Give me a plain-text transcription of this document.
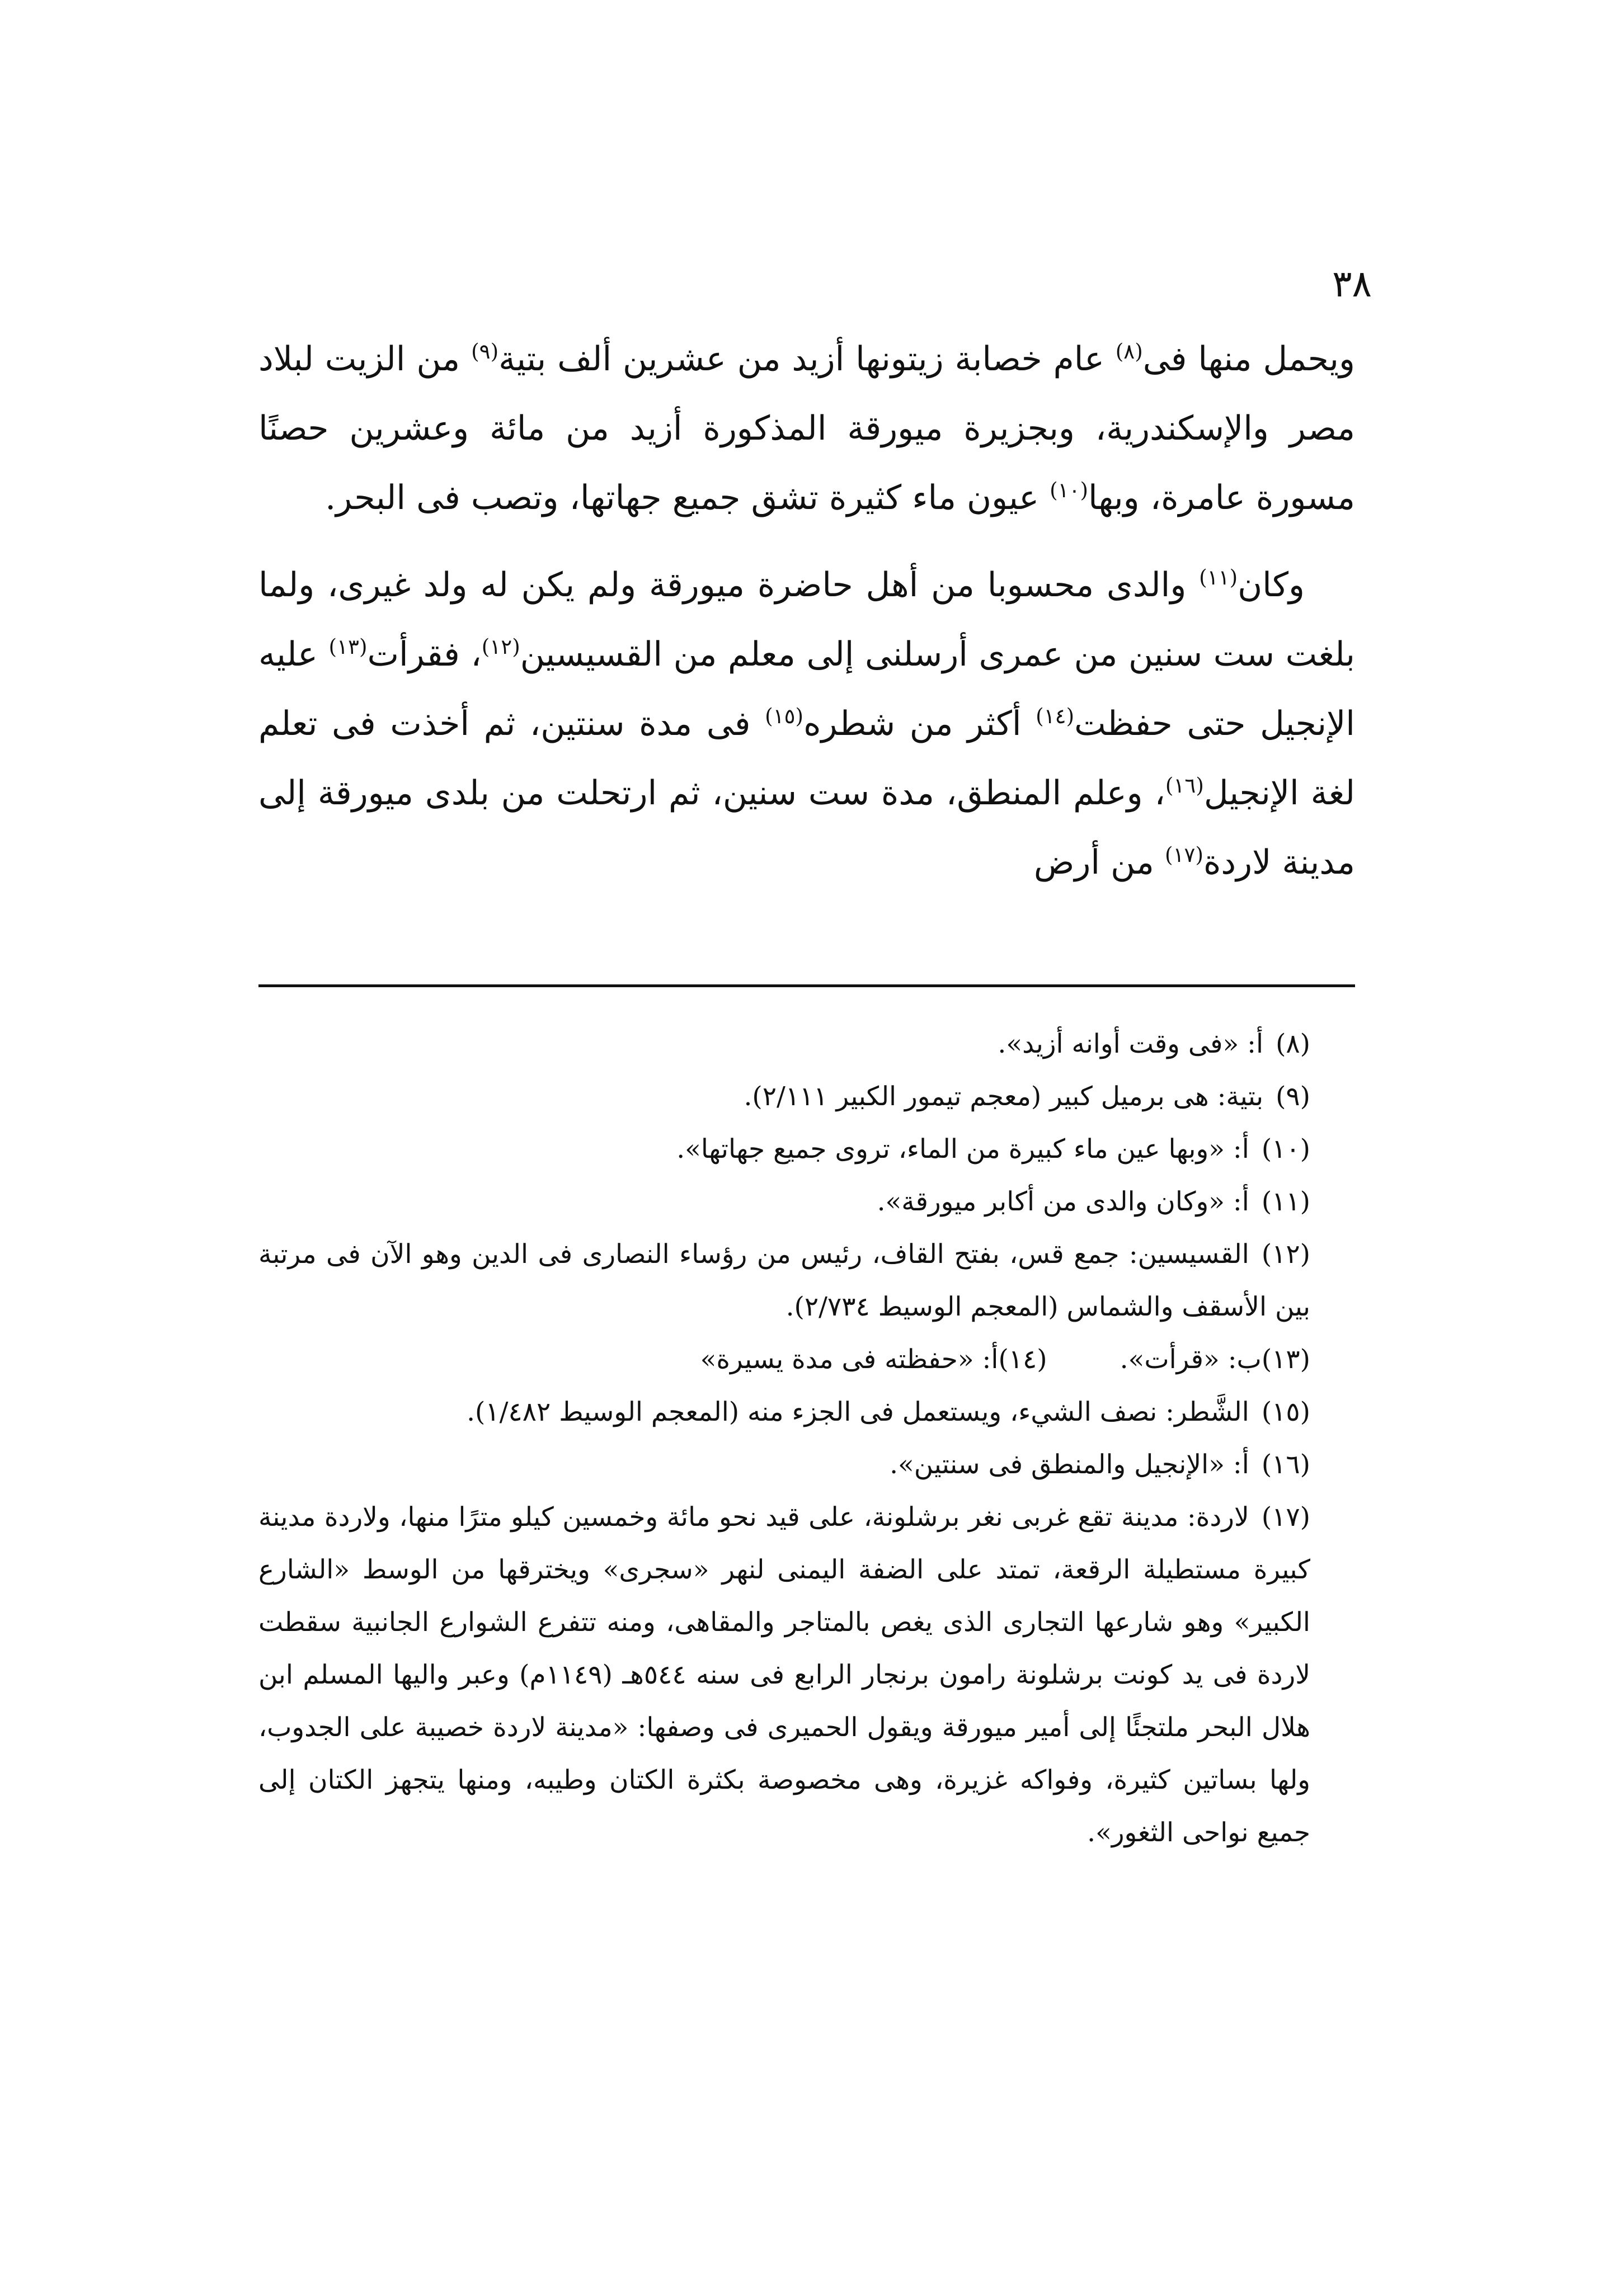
٣٨

ويحمل منها فى$^{(٨)}$ عام خصابة زيتونها أزيد من عشرين ألف بتية$^{(٩)}$ من الزيت لبلاد مصر والإسكندرية، وبجزيرة ميورقة المذكورة أزيد من مائة وعشرين حصنًا مسورة عامرة، وبها$^{(١٠)}$ عيون ماء كثيرة تشق جميع جهاتها، وتصب فى البحر.

وكان$^{(١١)}$ والدى محسوبا من أهل حاضرة ميورقة ولم يكن له ولد غيرى، ولما بلغت ست سنين من عمرى أرسلنى إلى معلم من القسيسين$^{(١٢)}$، فقرأت$^{(١٣)}$ عليه الإنجيل حتى حفظت$^{(١٤)}$ أكثر من شطره$^{(١٥)}$ فى مدة سنتين، ثم أخذت فى تعلم لغة الإنجيل$^{(١٦)}$، وعلم المنطق، مدة ست سنين، ثم ارتحلت من بلدى ميورقة إلى مدينة لاردة$^{(١٧)}$ من أرض

(٨)أ: «فى وقت أوانه أزيد».

(٩)بتية: هى برميل كبير (معجم تيمور الكبير ٢/١١١).

(١٠)أ: «وبها عين ماء كبيرة من الماء، تروى جميع جهاتها».

(١١)أ: «وكان والدى من أكابر ميورقة».

(١٢)القسيسين: جمع قس، بفتح القاف، رئيس من رؤساء النصارى فى الدين وهو الآن فى مرتبة بين الأسقف والشماس (المعجم الوسيط ٢/٧٣٤).

(١٣)ب: «قرأت».
(١٤)أ: «حفظته فى مدة يسيرة»

(١٥)الشَّطر: نصف الشيء، ويستعمل فى الجزء منه (المعجم الوسيط ١/٤٨٢).

(١٦)أ: «الإنجيل والمنطق فى سنتين».

(١٧)لاردة: مدينة تقع غربى نغر برشلونة، على قيد نحو مائة وخمسين كيلو مترًا منها، ولاردة مدينة كبيرة مستطيلة الرقعة، تمتد على الضفة اليمنى لنهر «سجرى» ويخترقها من الوسط «الشارع الكبير» وهو شارعها التجارى الذى يغص بالمتاجر والمقاهى، ومنه تتفرع الشوارع الجانبية سقطت لاردة فى يد كونت برشلونة رامون برنجار الرابع فى سنه ٥٤٤هـ (١١٤٩م) وعبر واليها المسلم ابن هلال البحر ملتجئًا إلى أمير ميورقة ويقول الحميرى فى وصفها: «مدينة لاردة خصيبة على الجدوب، ولها بساتين كثيرة، وفواكه غزيرة، وهى مخصوصة بكثرة الكتان وطيبه، ومنها يتجهز الكتان إلى جميع نواحى الثغور».
